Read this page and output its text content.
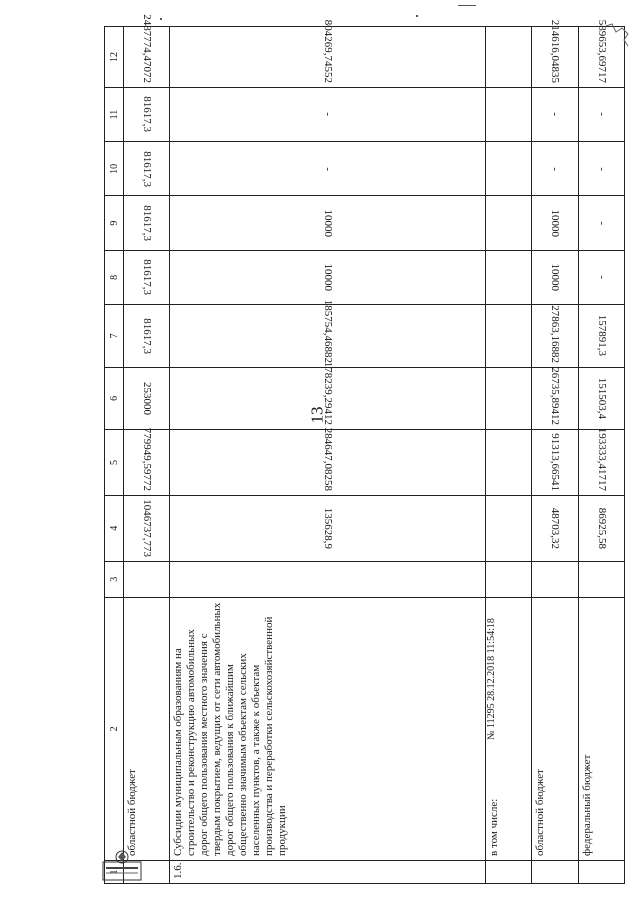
13
1	2	3	4	5	6	7	8	9	10	11	12
	областной бюджет		1046737,773	779949,59772	253000	81617,3	81617,3	81617,3	81617,3	81617,3	2487774,47072
1.6.	Субсидии муниципальным образованиям на строительство и реконструкцию автомобильных дорог общего пользования местного значения с твердым покрытием, ведущих от сети автомобильных дорог общего пользования к ближайшим общественно значимым объектам сельских населенных пунктов, а также к объектам производства и переработки сельскохозяйственной продукции		135628,9	284647,08258	178239,29412	185754,46882	10000	10000	-	-	804269,74552
	в том числе:										
	областной бюджет		48703,32	91313,66541	26735,89412	27863,16882	10000	10000	-	-	214616,04835
	федеральный бюджет		86925,58	193333,41717	151503,4	157891,3	-	-	-	-	589653,69717
№ 11295 28.12.2018 11:54:18
